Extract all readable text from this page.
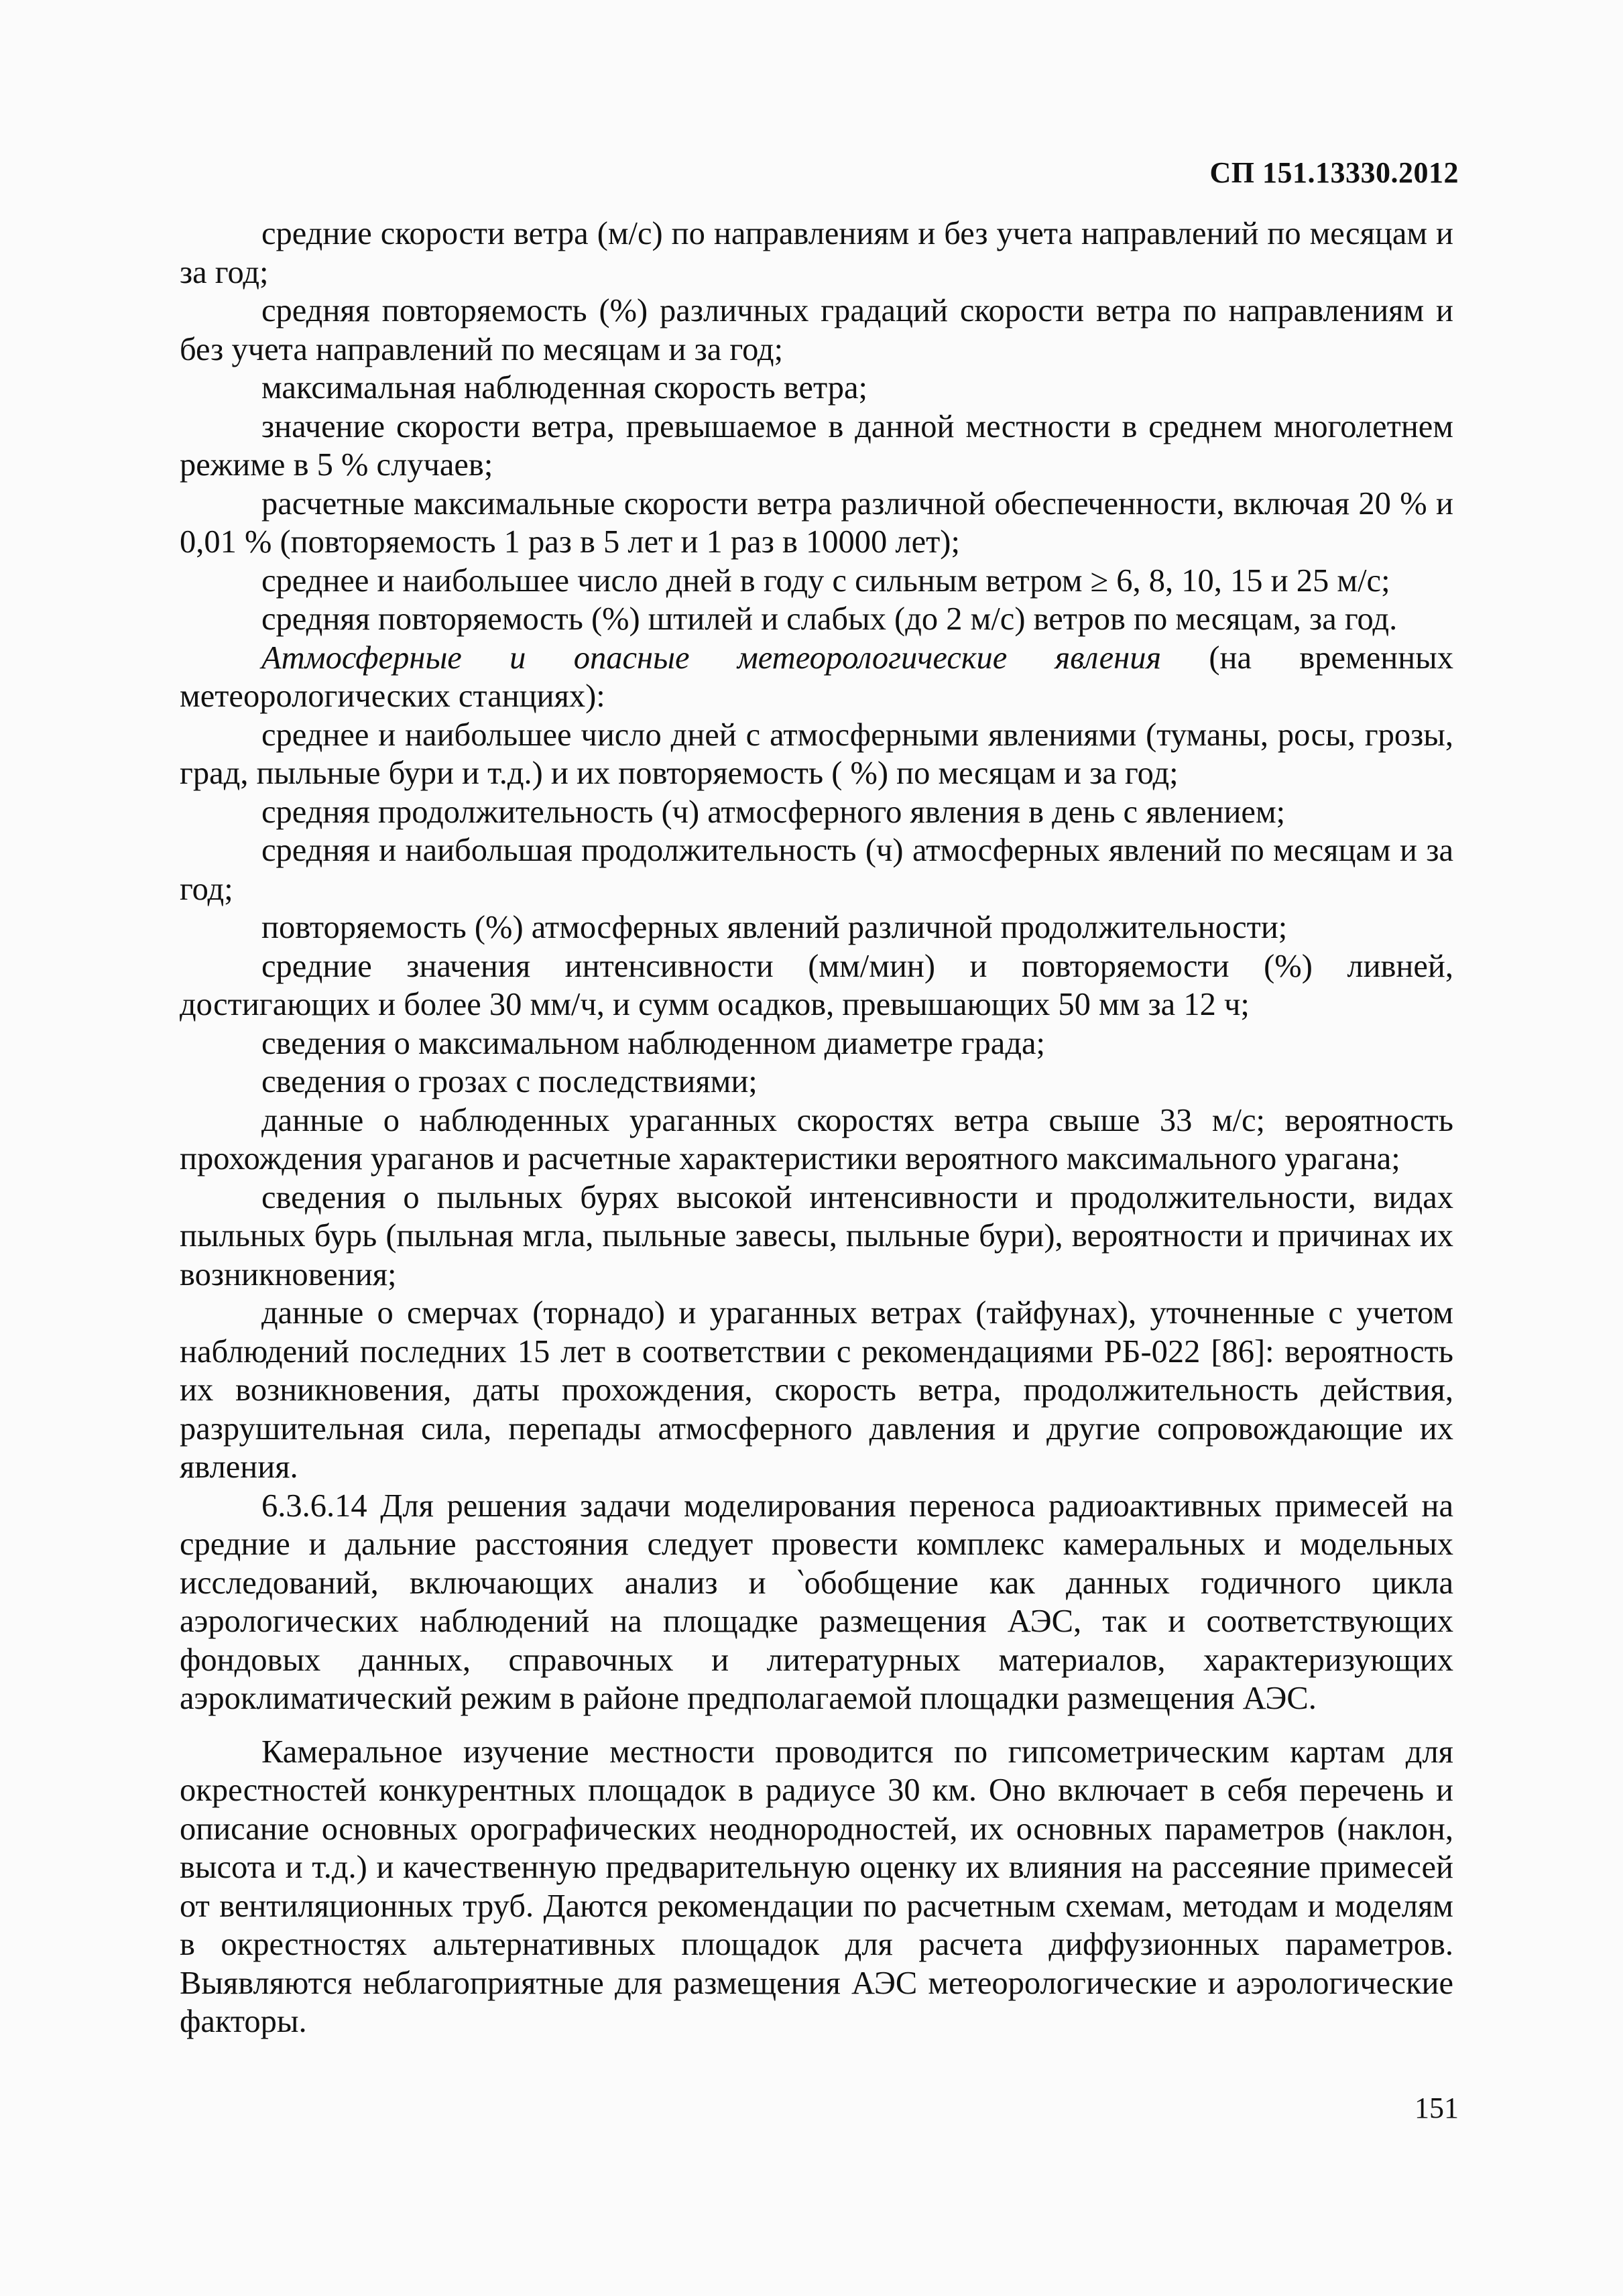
СП 151.13330.2012

средние скорости ветра (м/с) по направлениям и без учета направлений по месяцам и за год;

средняя повторяемость (%) различных градаций скорости ветра по направлениям и без учета направлений по месяцам и за год;

максимальная наблюденная скорость ветра;

значение скорости ветра, превышаемое в данной местности в среднем многолетнем режиме в 5 % случаев;

расчетные максимальные скорости ветра различной обеспеченности, включая 20 % и 0,01 % (повторяемость 1 раз в 5 лет и 1 раз в 10000 лет);

среднее и наибольшее число дней в году с сильным ветром ≥ 6, 8, 10, 15 и 25 м/с;

средняя повторяемость (%) штилей и слабых (до 2 м/с) ветров по месяцам, за год.

Атмосферные и опасные метеорологические явления (на временных метеорологических станциях):

среднее и наибольшее число дней с атмосферными явлениями (туманы, росы, грозы, град, пыльные бури и т.д.) и их повторяемость ( %) по месяцам и за год;

средняя продолжительность (ч) атмосферного явления в день с явлением;

средняя и наибольшая продолжительность (ч) атмосферных явлений по месяцам и за год;

повторяемость (%) атмосферных явлений различной продолжительности;

средние значения интенсивности (мм/мин) и повторяемости (%) ливней, достигающих и более 30 мм/ч, и сумм осадков, превышающих 50 мм за 12 ч;

сведения о максимальном наблюденном диаметре града;

сведения о грозах с последствиями;

данные о наблюденных ураганных скоростях ветра свыше 33 м/с; вероятность прохождения ураганов и расчетные характеристики вероятного максимального урагана;

сведения о пыльных бурях высокой интенсивности и продолжительности, видах пыльных бурь (пыльная мгла, пыльные завесы, пыльные бури), вероятности и причинах их возникновения;

данные о смерчах (торнадо) и ураганных ветрах (тайфунах), уточненные с учетом наблюдений последних 15 лет в соответствии с рекомендациями РБ-022 [86]: вероятность их возникновения, даты прохождения, скорость ветра, продолжительность действия, разрушительная сила, перепады атмосферного давления и другие сопровождающие их явления.

6.3.6.14 Для решения задачи моделирования переноса радиоактивных примесей на средние и дальние расстояния следует провести комплекс камеральных и модельных исследований, включающих анализ и ‵обобщение как данных годичного цикла аэрологических наблюдений на площадке размещения АЭС, так и соответствующих фондовых данных, справочных и литературных материалов, характеризующих аэроклиматический режим в районе предполагаемой площадки размещения АЭС.

Камеральное изучение местности проводится по гипсометрическим картам для окрестностей конкурентных площадок в радиусе 30 км. Оно включает в себя перечень и описание основных орографических неоднородностей, их основных параметров (наклон, высота и т.д.) и качественную предварительную оценку их влияния на рассеяние примесей от вентиляционных труб. Даются рекомендации по расчетным схемам, методам и моделям в окрестностях альтернативных площадок для расчета диффузионных параметров. Выявляются неблагоприятные для размещения АЭС метеорологические и аэрологические факторы.

151
